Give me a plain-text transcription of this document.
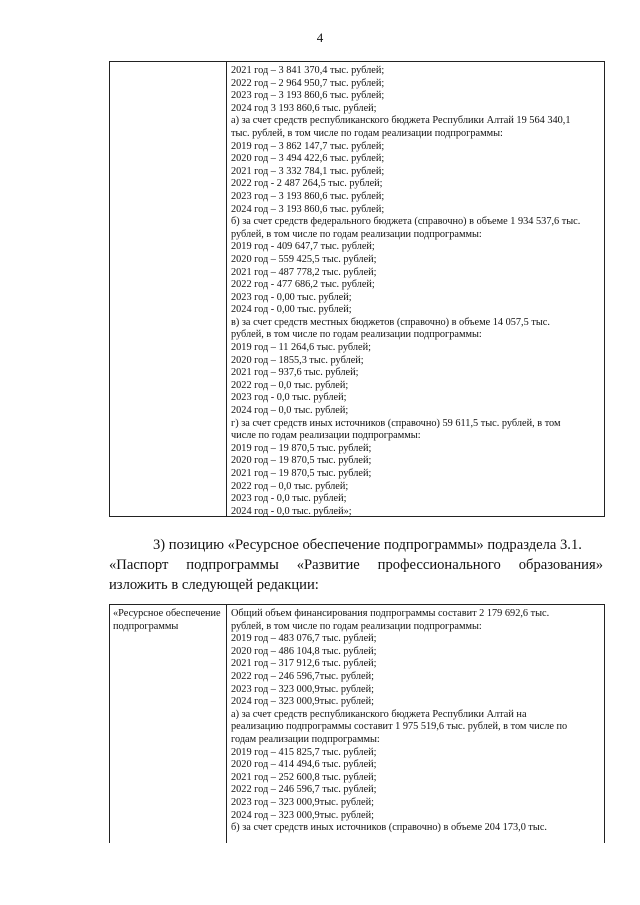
4
2021 год – 3 841 370,4 тыс. рублей;
2022 год – 2 964 950,7 тыс. рублей;
2023 год – 3 193 860,6 тыс. рублей;
2024 год 3 193 860,6 тыс. рублей;
а) за счет средств республиканского бюджета Республики Алтай 19 564 340,1
тыс. рублей, в том числе по годам реализации подпрограммы:
2019 год – 3 862 147,7 тыс. рублей;
2020 год – 3 494 422,6 тыс. рублей;
2021 год – 3 332 784,1 тыс. рублей;
2022 год - 2 487 264,5 тыс. рублей;
2023 год – 3 193 860,6 тыс. рублей;
2024 год – 3 193 860,6 тыс. рублей;
б) за счет средств федерального бюджета (справочно) в объеме 1 934 537,6 тыс.
рублей, в том числе по годам реализации подпрограммы:
2019 год - 409 647,7 тыс. рублей;
2020 год – 559 425,5 тыс. рублей;
2021 год – 487 778,2 тыс. рублей;
2022 год - 477 686,2 тыс. рублей;
2023 год - 0,00 тыс. рублей;
2024 год - 0,00 тыс. рублей;
в) за счет средств местных бюджетов (справочно) в объеме 14 057,5 тыс.
рублей, в том числе по годам реализации подпрограммы:
2019 год – 11 264,6 тыс. рублей;
2020 год – 1855,3 тыс. рублей;
2021 год – 937,6 тыс. рублей;
2022 год – 0,0 тыс. рублей;
2023 год - 0,0 тыс. рублей;
2024 год – 0,0 тыс. рублей;
г) за счет средств иных источников (справочно) 59 611,5 тыс. рублей, в том
числе по годам реализации подпрограммы:
2019 год – 19 870,5 тыс. рублей;
2020 год – 19 870,5 тыс. рублей;
2021 год – 19 870,5 тыс. рублей;
2022 год – 0,0 тыс. рублей;
2023 год - 0,0 тыс. рублей;
2024 год - 0,0 тыс. рублей»;
3) позицию «Ресурсное обеспечение подпрограммы» подраздела 3.1.
«Паспорт подпрограммы «Развитие профессионального образования»
изложить в следующей редакции:
«Ресурсное обеспечение подпрограммы
Общий объем финансирования подпрограммы составит 2 179 692,6 тыс.
рублей, в том числе по годам реализации подпрограммы:
2019 год – 483 076,7 тыс. рублей;
2020 год – 486 104,8 тыс. рублей;
2021 год – 317 912,6 тыс. рублей;
2022 год – 246 596,7тыс. рублей;
2023 год – 323 000,9тыс. рублей;
2024 год – 323 000,9тыс. рублей;
а) за счет средств республиканского бюджета Республики Алтай на
реализацию подпрограммы составит 1 975 519,6 тыс. рублей, в том числе по
годам реализации подпрограммы:
2019 год – 415 825,7 тыс. рублей;
2020 год – 414 494,6 тыс. рублей;
2021 год – 252 600,8 тыс. рублей;
2022 год – 246 596,7 тыс. рублей;
2023 год – 323 000,9тыс. рублей;
2024 год – 323 000,9тыс. рублей;
б) за счет средств иных источников (справочно) в объеме 204 173,0 тыс.
